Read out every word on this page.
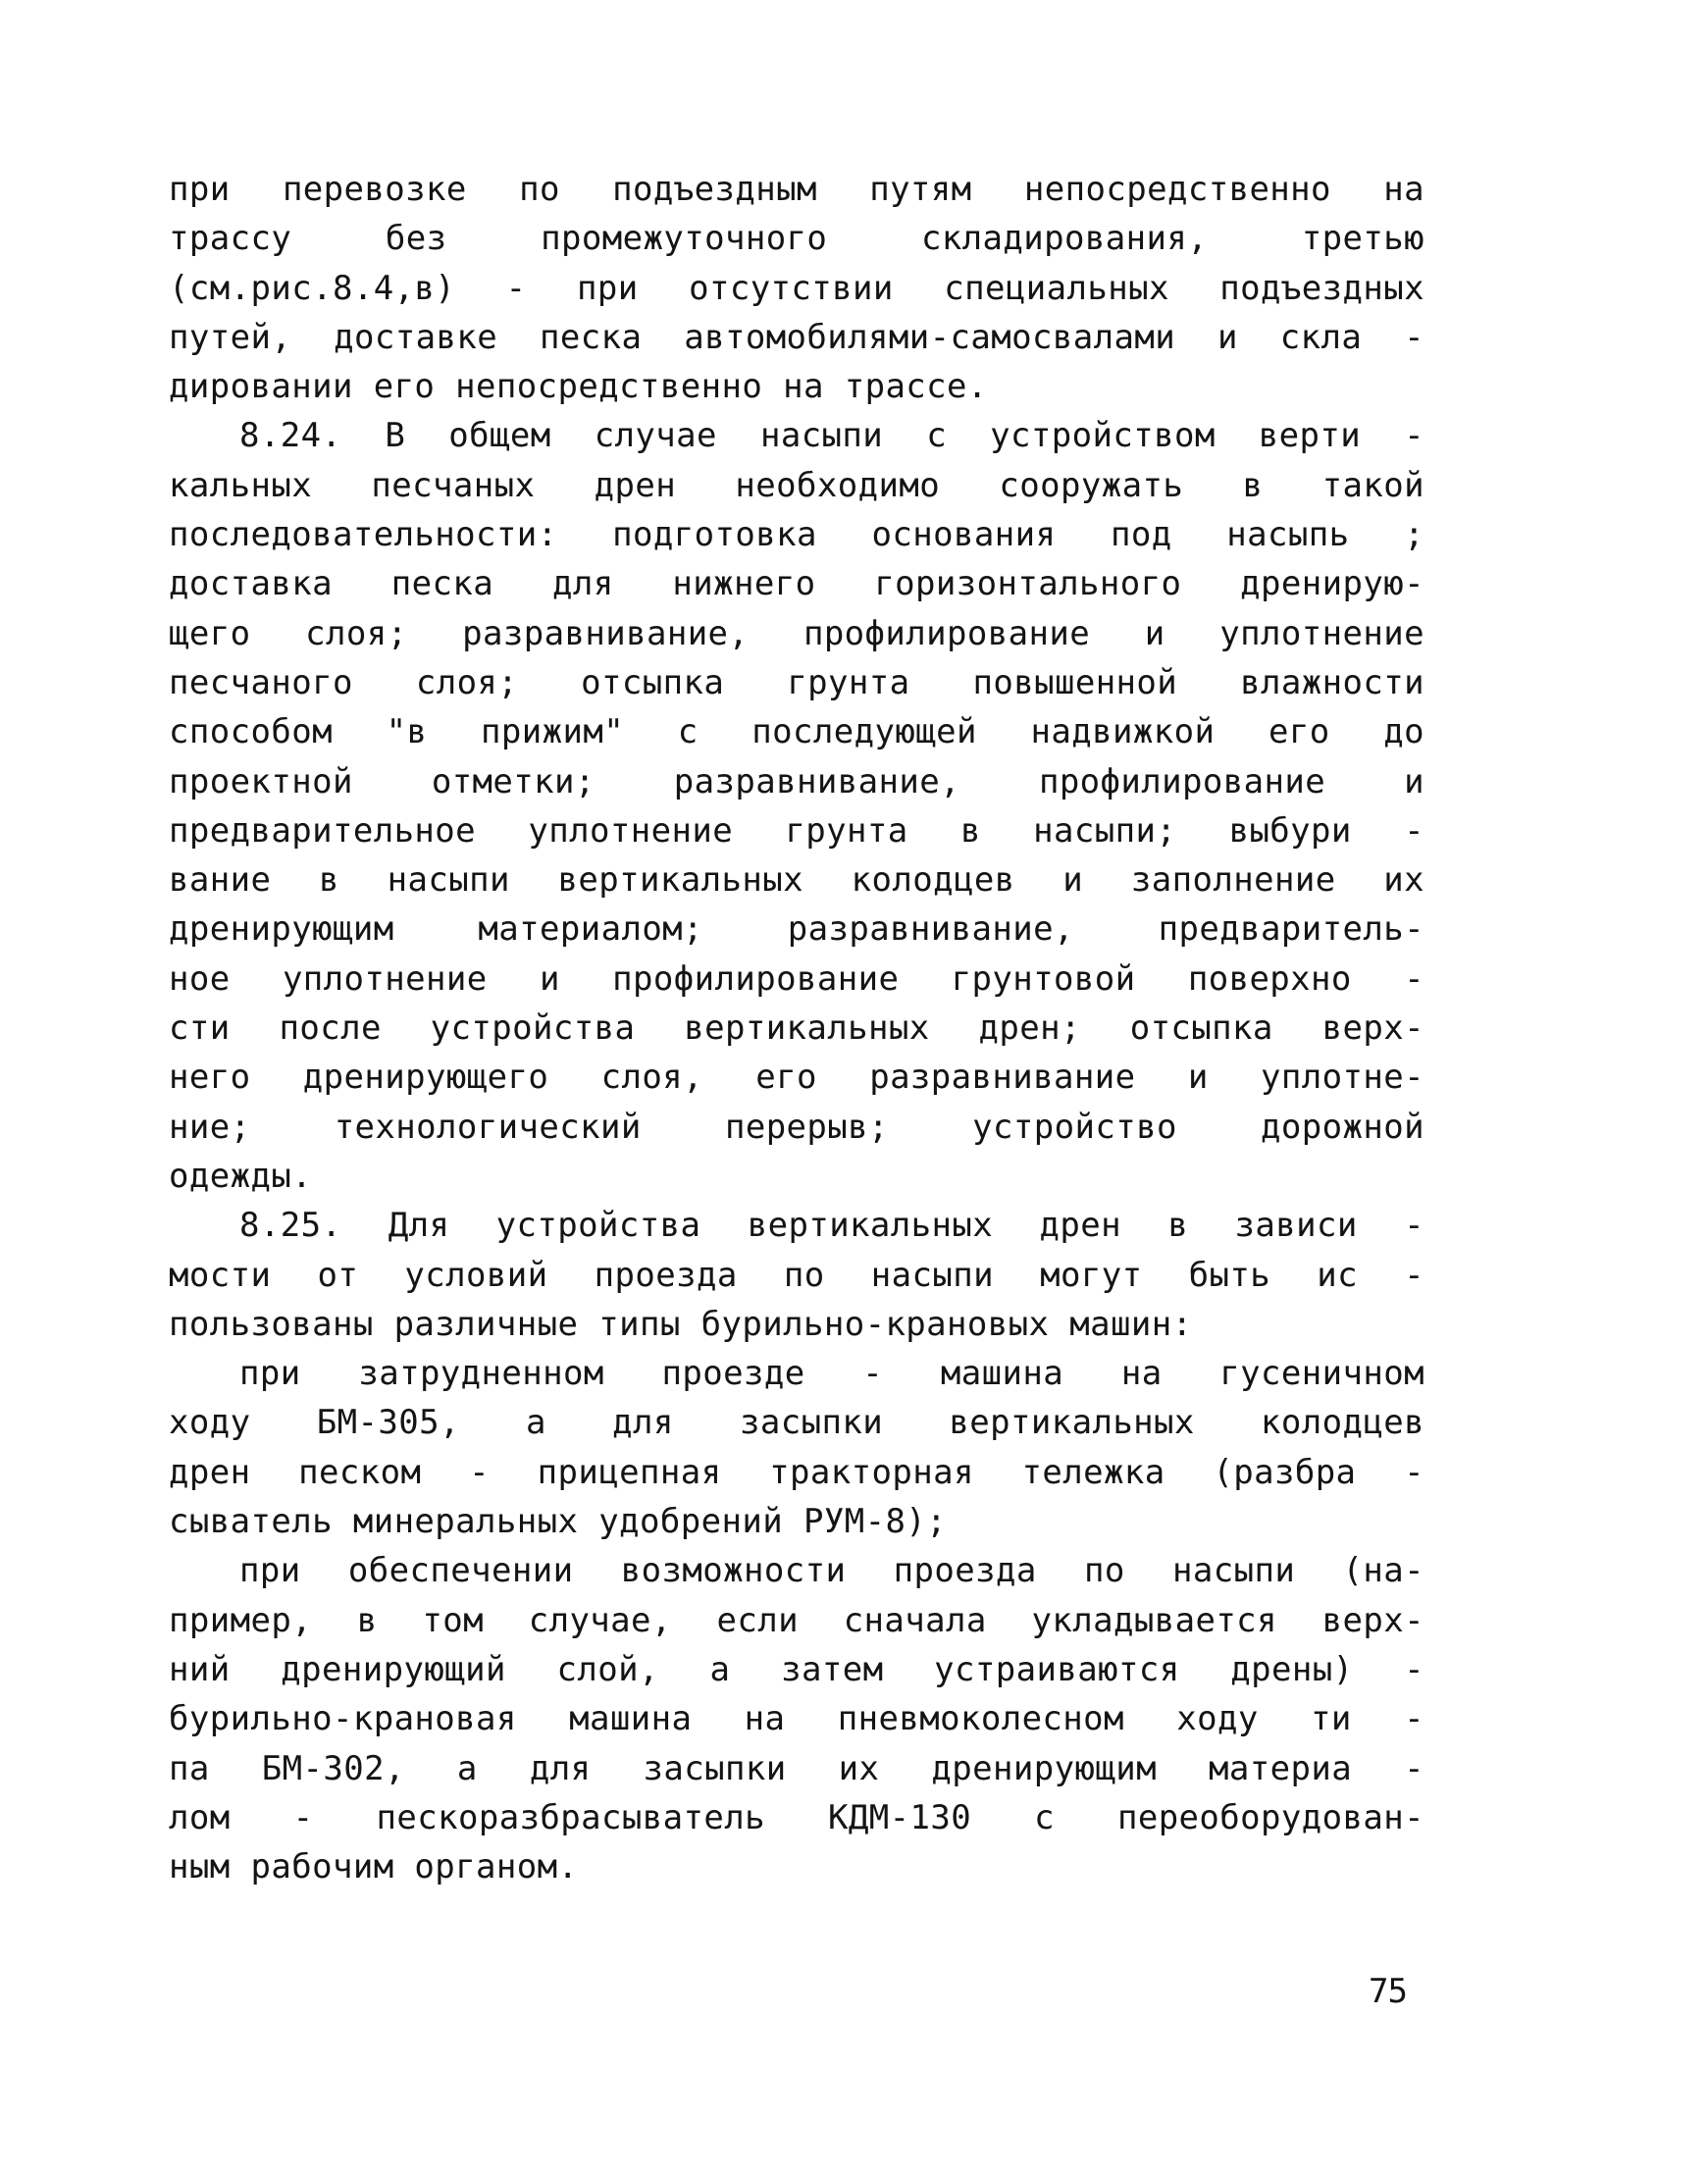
при перевозке по подъездным путям непосредственно на
трассу без промежуточного складирования, третью
(см.рис.8.4,в) - при отсутствии специальных подъездных
путей, доставке песка автомобилями-самосвалами и скла -
дировании его непосредственно на трассе.
8.24. В общем случае насыпи с устройством верти -
кальных песчаных дрен необходимо сооружать в такой
последовательности: подготовка основания под насыпь ;
доставка песка для нижнего горизонтального дренирую-
щего слоя; разравнивание, профилирование и уплотнение
песчаного слоя; отсыпка грунта повышенной влажности
способом "в прижим" с последующей надвижкой его до
проектной отметки; разравнивание, профилирование и
предварительное уплотнение грунта в насыпи; выбури -
вание в насыпи вертикальных колодцев и заполнение их
дренирующим материалом; разравнивание, предваритель-
ное уплотнение и профилирование грунтовой поверхно -
сти после устройства вертикальных дрен; отсыпка верх-
него дренирующего слоя, его разравнивание и уплотне-
ние; технологический перерыв; устройство дорожной
одежды.
8.25. Для устройства вертикальных дрен в зависи -
мости от условий проезда по насыпи могут быть ис -
пользованы различные типы бурильно-крановых машин:
при затрудненном проезде - машина на гусеничном
ходу БМ-305, а для засыпки вертикальных колодцев
дрен песком - прицепная тракторная тележка (разбра -
сыватель минеральных удобрений РУМ-8);
при обеспечении возможности проезда по насыпи (на-
пример, в том случае, если сначала укладывается верх-
ний дренирующий слой, а затем устраиваются дрены) -
бурильно-крановая машина на пневмоколесном ходу ти -
па БМ-302, а для засыпки их дренирующим материа -
лом - пескоразбрасыватель КДМ-130 с переоборудован-
ным рабочим органом.
75
